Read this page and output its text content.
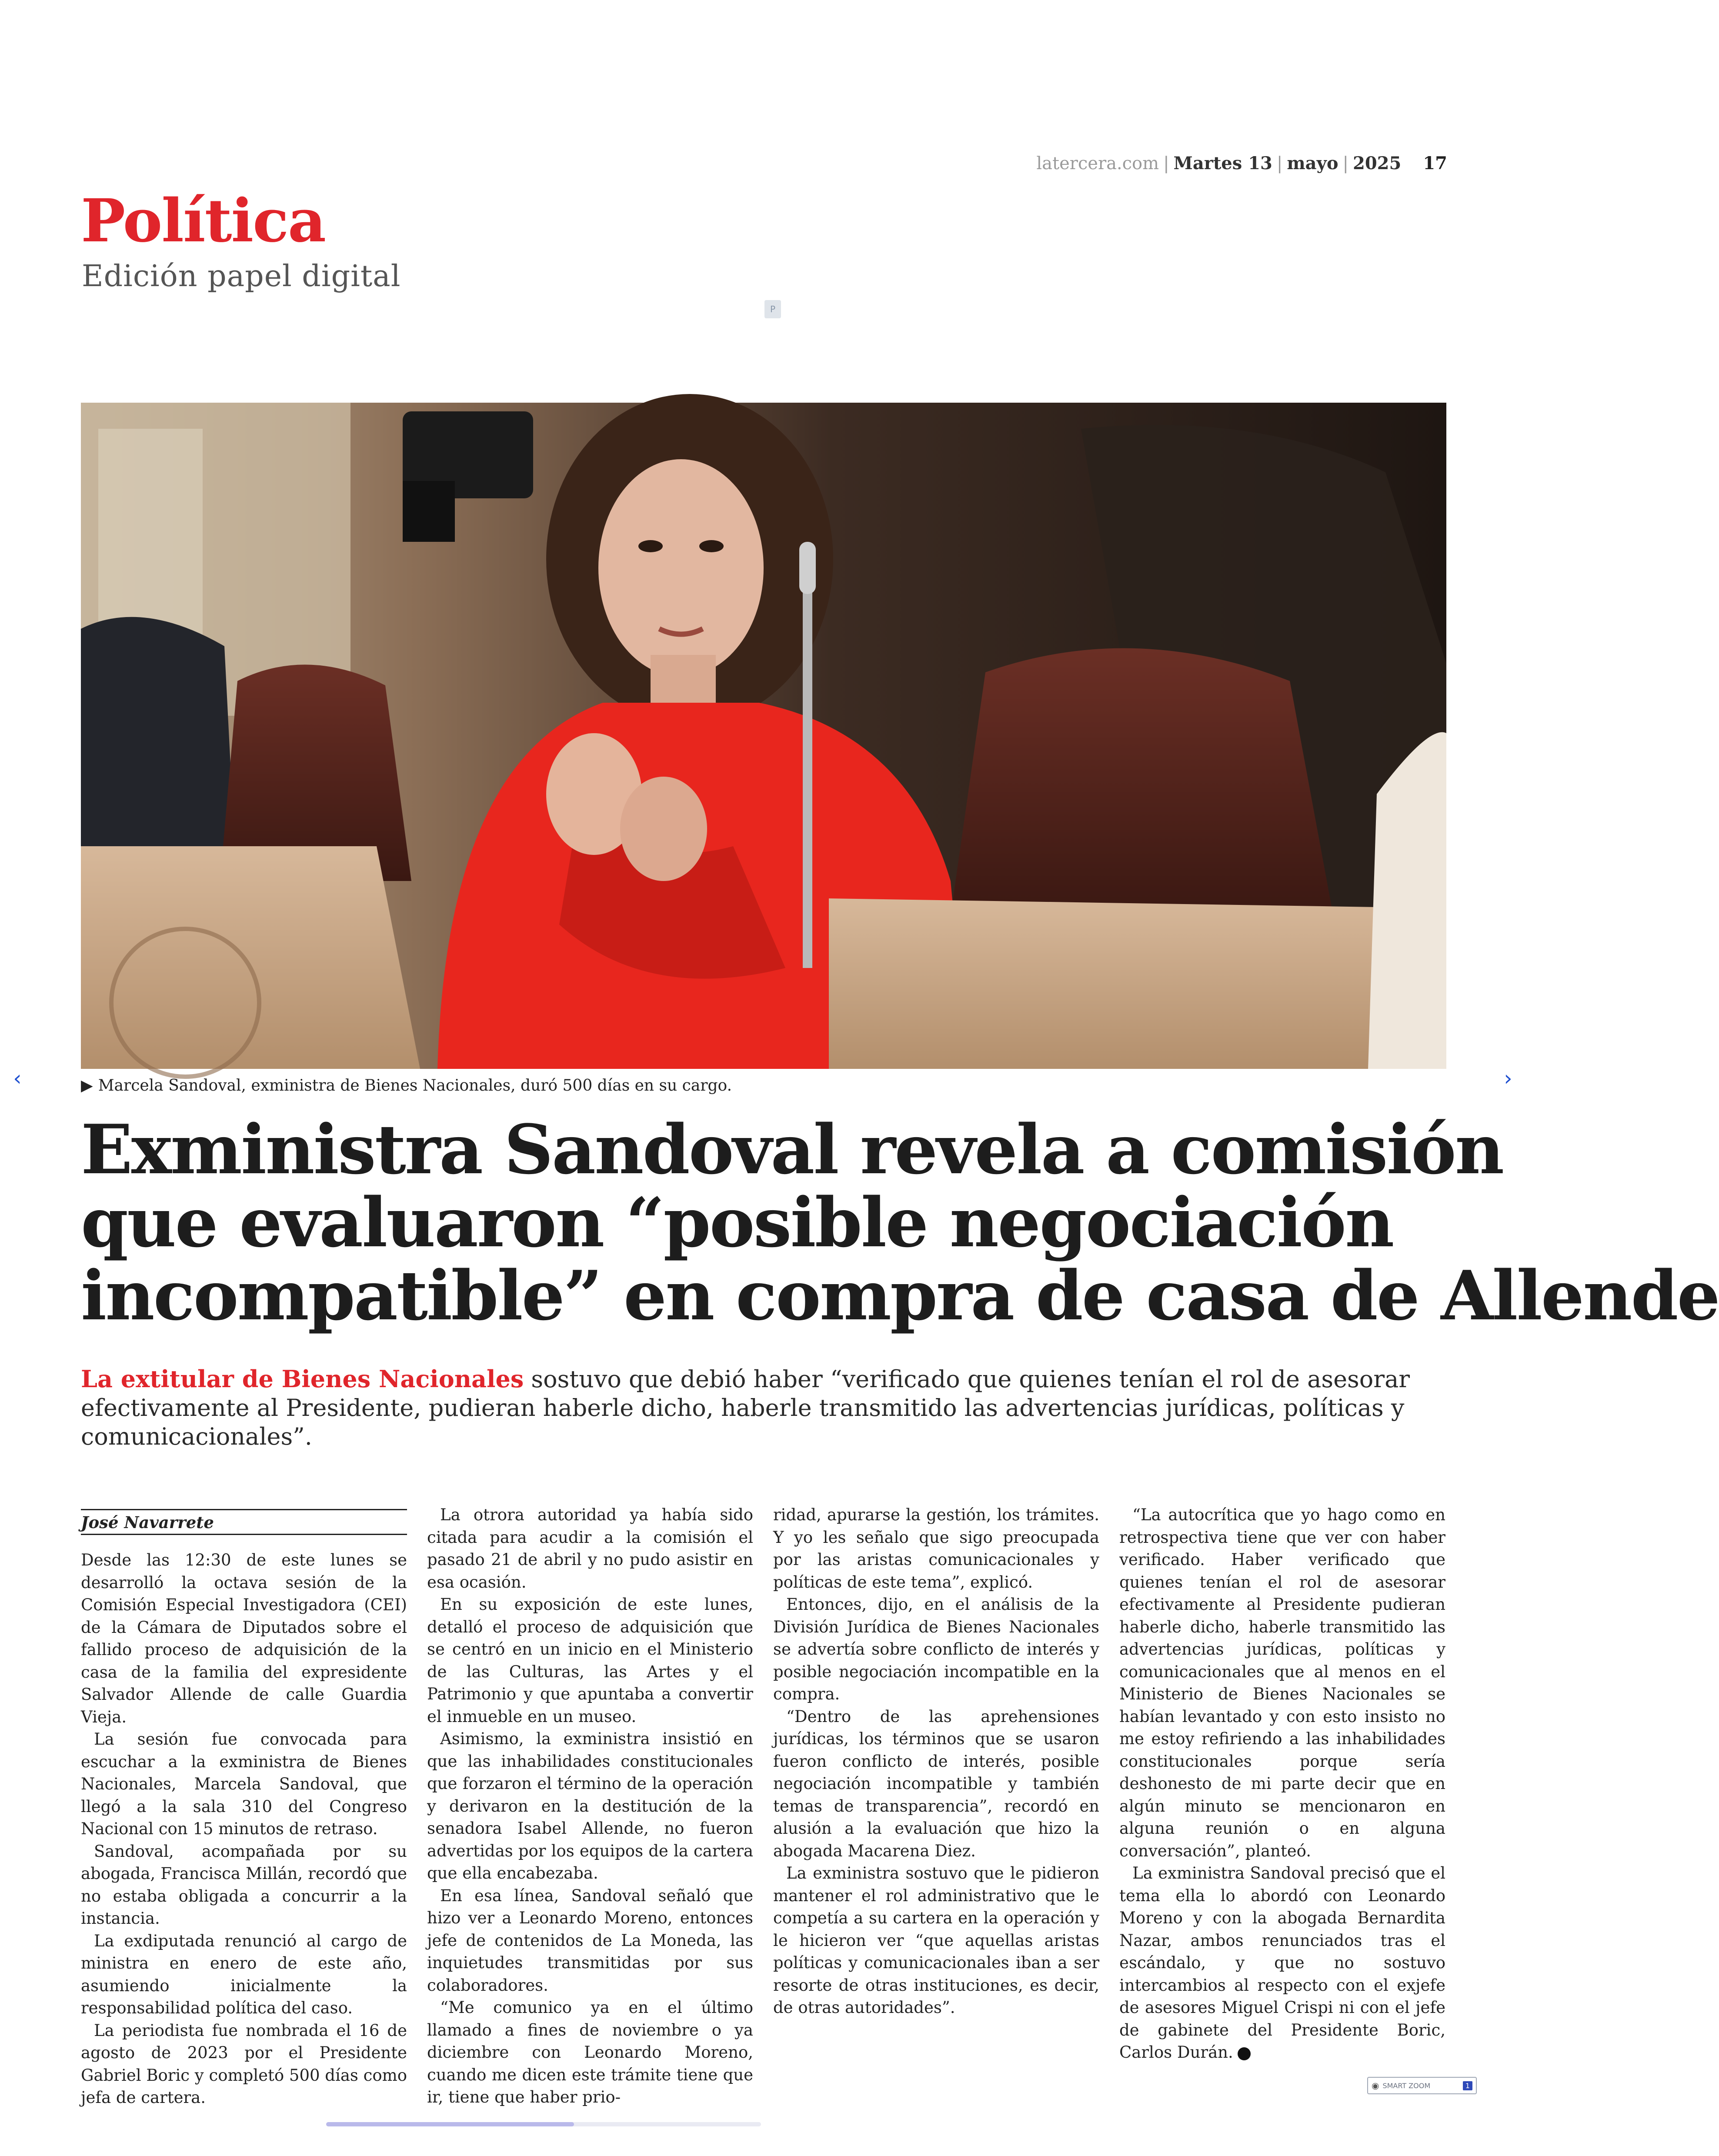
latercera.com | Martes 13 | mayo | 2025 17
Política
Edición papel digital
P
▶ Marcela Sandoval, exministra de Bienes Nacionales, duró 500 días en su cargo.
Exministra Sandoval revela a comisión
que evaluaron “posible negociación
incompatible” en compra de casa de Allende

La extitular de Bienes Nacionales sostuvo que debió haber “verificado que quienes tenían el rol de asesorar efectivamente al Presidente, pudieran haberle dicho, haberle transmitido las advertencias jurídicas, políticas y comunicacionales”.

José Navarrete

Desde las 12:30 de este lunes se desarrolló la octava sesión de la Comisión Especial Investigadora (CEI) de la Cámara de Diputados sobre el fallido proceso de adquisición de la casa de la familia del expresidente Salvador Allende de calle Guardia Vieja.

La sesión fue convocada para escuchar a la exministra de Bienes Nacionales, Marcela Sandoval, que llegó a la sala 310 del Congreso Nacional con 15 minutos de retraso.

Sandoval, acompañada por su abogada, Francisca Millán, recordó que no estaba obligada a concurrir a la instancia.

La exdiputada renunció al cargo de ministra en enero de este año, asumiendo inicialmente la responsabilidad política del caso.

La periodista fue nombrada el 16 de agosto de 2023 por el Presidente Gabriel Boric y completó 500 días como jefa de cartera.

La otrora autoridad ya había sido citada para acudir a la comisión el pasado 21 de abril y no pudo asistir en esa ocasión.

En su exposición de este lunes, detalló el proceso de adquisición que se centró en un inicio en el Ministerio de las Culturas, las Artes y el Patrimonio y que apuntaba a convertir el inmueble en un museo.

Asimismo, la exministra insistió en que las inhabilidades constitucionales que forzaron el término de la operación y derivaron en la destitución de la senadora Isabel Allende, no fueron advertidas por los equipos de la cartera que ella encabezaba.

En esa línea, Sandoval señaló que hizo ver a Leonardo Moreno, entonces jefe de contenidos de La Moneda, las inquietudes transmitidas por sus colaboradores.

“Me comunico ya en el último llamado a fines de noviembre o ya diciembre con Leonardo Moreno, cuando me dicen este trámite tiene que ir, tiene que haber prio-

ridad, apurarse la gestión, los trámites. Y yo les señalo que sigo preocupada por las aristas comunicacionales y políticas de este tema”, explicó.

Entonces, dijo, en el análisis de la División Jurídica de Bienes Nacionales se advertía sobre conflicto de interés y posible negociación incompatible en la compra.

“Dentro de las aprehensiones jurídicas, los términos que se usaron fueron conflicto de interés, posible negociación incompatible y también temas de transparencia”, recordó en alusión a la evaluación que hizo la abogada Macarena Diez.

La exministra sostuvo que le pidieron mantener el rol administrativo que le competía a su cartera en la operación y le hicieron ver “que aquellas aristas políticas y comunicacionales iban a ser resorte de otras instituciones, es decir, de otras autoridades”.

“La autocrítica que yo hago como en retrospectiva tiene que ver con haber verificado. Haber verificado que quienes tenían el rol de asesorar efectivamente al Presidente pudieran haberle dicho, haberle transmitido las advertencias jurídicas, políticas y comunicacionales que al menos en el Ministerio de Bienes Nacionales se habían levantado y con esto insisto no me estoy refiriendo a las inhabilidades constitucionales porque sería deshonesto de mi parte decir que en algún minuto se mencionaron en alguna reunión o en alguna conversación”, planteó.

La exministra Sandoval precisó que el tema ella lo abordó con Leonardo Moreno y con la abogada Bernardita Nazar, ambos renunciados tras el escándalo, y que no sostuvo intercambios al respecto con el exjefe de asesores Miguel Crispi ni con el jefe de gabinete del Presidente Boric, Carlos Durán.

‹	›
◉ SMART ZOOM	1
